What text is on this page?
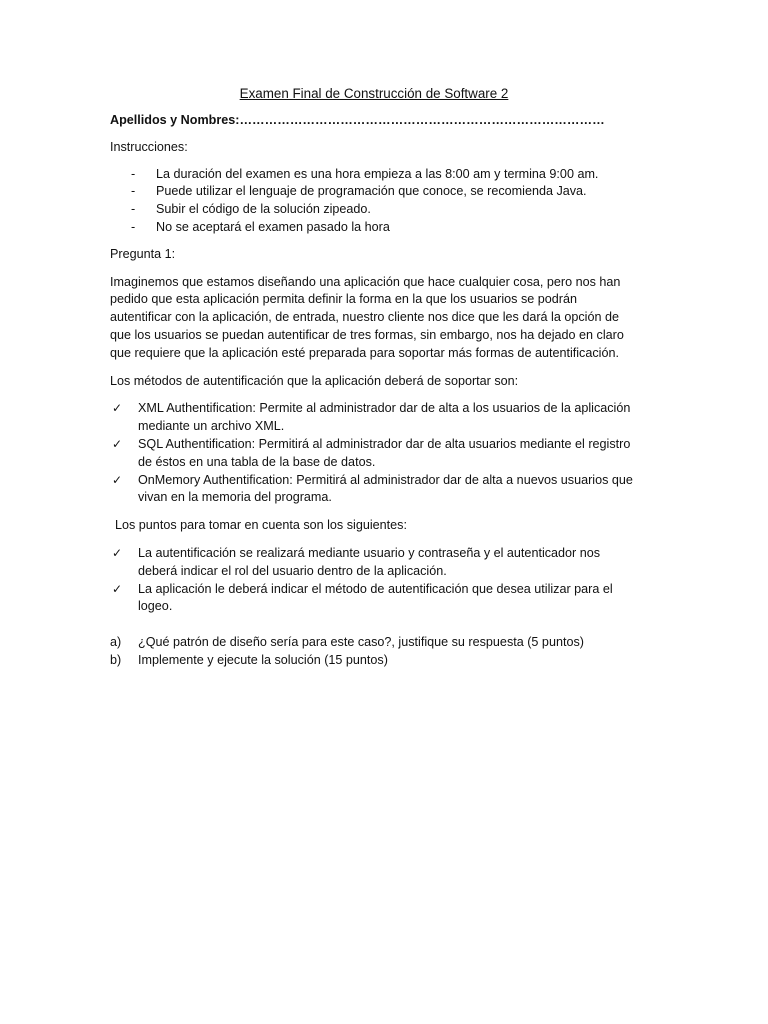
Examen Final de Construcción de Software 2

Apellidos y Nombres:……………………………………………………………………………

Instrucciones:

- La duración del examen es una hora empieza a las 8:00 am y termina 9:00 am.
- Puede utilizar el lenguaje de programación que conoce, se recomienda Java.
- Subir el código de la solución zipeado.
- No se aceptará el examen pasado la hora

Pregunta 1:

Imaginemos que estamos diseñando una aplicación que hace cualquier cosa, pero nos han pedido que esta aplicación permita definir la forma en la que los usuarios se podrán autentificar con la aplicación, de entrada, nuestro cliente nos dice que les dará la opción de que los usuarios se puedan autentificar de tres formas, sin embargo, nos ha dejado en claro que requiere que la aplicación esté preparada para soportar más formas de autentificación.

Los métodos de autentificación que la aplicación deberá de soportar son:

✓ XML Authentification: Permite al administrador dar de alta a los usuarios de la aplicación mediante un archivo XML.
✓ SQL Authentification: Permitirá al administrador dar de alta usuarios mediante el registro de éstos en una tabla de la base de datos.
✓ OnMemory Authentification: Permitirá al administrador dar de alta a nuevos usuarios que vivan en la memoria del programa.

Los puntos para tomar en cuenta son los siguientes:

✓ La autentificación se realizará mediante usuario y contraseña y el autenticador nos deberá indicar el rol del usuario dentro de la aplicación.
✓ La aplicación le deberá indicar el método de autentificación que desea utilizar para el logeo.
a) ¿Qué patrón de diseño sería para este caso?, justifique su respuesta (5 puntos)
b) Implemente y ejecute la solución (15 puntos)
